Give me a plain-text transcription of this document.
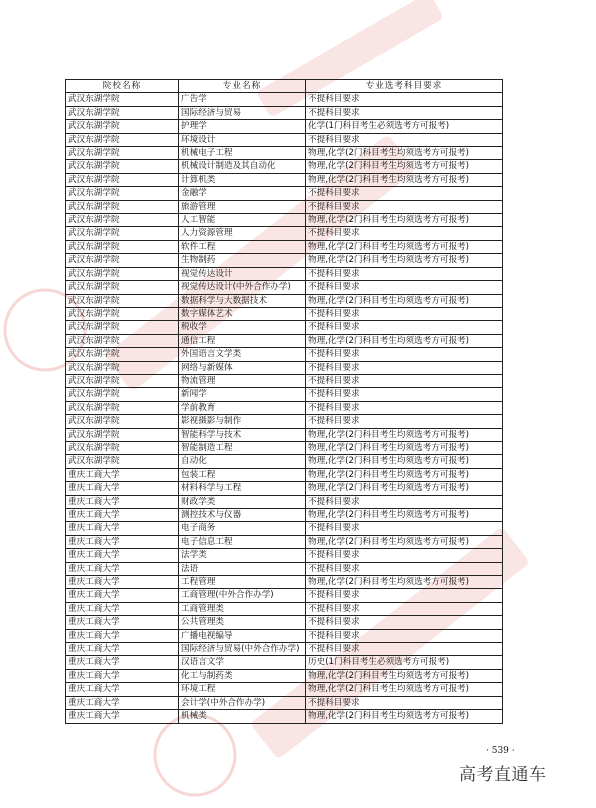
院校名称	专业名称	专业选考科目要求
武汉东湖学院	广告学	不提科目要求
武汉东湖学院	国际经济与贸易	不提科目要求
武汉东湖学院	护理学	化学(1门科目考生必须选考方可报考)
武汉东湖学院	环境设计	不提科目要求
武汉东湖学院	机械电子工程	物理,化学(2门科目考生均须选考方可报考)
武汉东湖学院	机械设计制造及其自动化	物理,化学(2门科目考生均须选考方可报考)
武汉东湖学院	计算机类	物理,化学(2门科目考生均须选考方可报考)
武汉东湖学院	金融学	不提科目要求
武汉东湖学院	旅游管理	不提科目要求
武汉东湖学院	人工智能	物理,化学(2门科目考生均须选考方可报考)
武汉东湖学院	人力资源管理	不提科目要求
武汉东湖学院	软件工程	物理,化学(2门科目考生均须选考方可报考)
武汉东湖学院	生物制药	物理,化学(2门科目考生均须选考方可报考)
武汉东湖学院	视觉传达设计	不提科目要求
武汉东湖学院	视觉传达设计(中外合作办学)	不提科目要求
武汉东湖学院	数据科学与大数据技术	物理,化学(2门科目考生均须选考方可报考)
武汉东湖学院	数字媒体艺术	不提科目要求
武汉东湖学院	税收学	不提科目要求
武汉东湖学院	通信工程	物理,化学(2门科目考生均须选考方可报考)
武汉东湖学院	外国语言文学类	不提科目要求
武汉东湖学院	网络与新媒体	不提科目要求
武汉东湖学院	物流管理	不提科目要求
武汉东湖学院	新闻学	不提科目要求
武汉东湖学院	学前教育	不提科目要求
武汉东湖学院	影视摄影与制作	不提科目要求
武汉东湖学院	智能科学与技术	物理,化学(2门科目考生均须选考方可报考)
武汉东湖学院	智能制造工程	物理,化学(2门科目考生均须选考方可报考)
武汉东湖学院	自动化	物理,化学(2门科目考生均须选考方可报考)
重庆工商大学	包装工程	物理,化学(2门科目考生均须选考方可报考)
重庆工商大学	材料科学与工程	物理,化学(2门科目考生均须选考方可报考)
重庆工商大学	财政学类	不提科目要求
重庆工商大学	测控技术与仪器	物理,化学(2门科目考生均须选考方可报考)
重庆工商大学	电子商务	不提科目要求
重庆工商大学	电子信息工程	物理,化学(2门科目考生均须选考方可报考)
重庆工商大学	法学类	不提科目要求
重庆工商大学	法语	不提科目要求
重庆工商大学	工程管理	物理,化学(2门科目考生均须选考方可报考)
重庆工商大学	工商管理(中外合作办学)	不提科目要求
重庆工商大学	工商管理类	不提科目要求
重庆工商大学	公共管理类	不提科目要求
重庆工商大学	广播电视编导	不提科目要求
重庆工商大学	国际经济与贸易(中外合作办学)	不提科目要求
重庆工商大学	汉语言文学	历史(1门科目考生必须选考方可报考)
重庆工商大学	化工与制药类	物理,化学(2门科目考生均须选考方可报考)
重庆工商大学	环境工程	物理,化学(2门科目考生均须选考方可报考)
重庆工商大学	会计学(中外合作办学)	不提科目要求
重庆工商大学	机械类	物理,化学(2门科目考生均须选考方可报考)
· 539 ·
高考直通车
